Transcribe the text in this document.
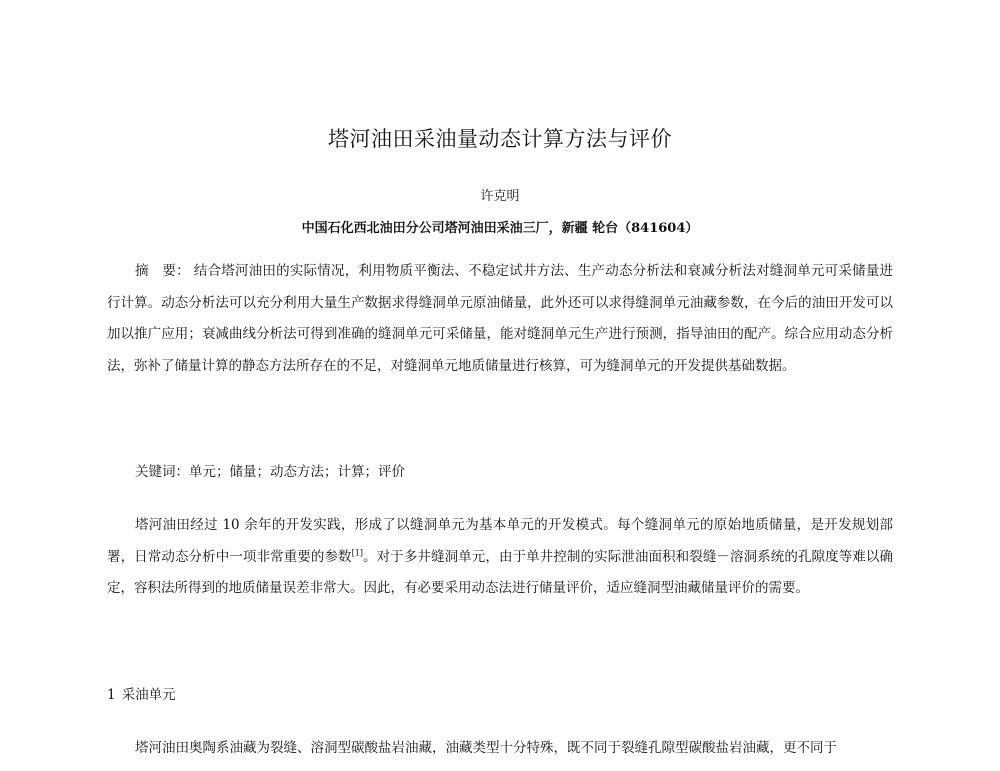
塔河油田采油量动态计算方法与评价
许克明
中国石化西北油田分公司塔河油田采油三厂，新疆 轮台（841604）

摘　要： 结合塔河油田的实际情况，利用物质平衡法、不稳定试井方法、生产动态分析法和衰减分析法对缝洞单元可采储量进行计算。动态分析法可以充分利用大量生产数据求得缝洞单元原油储量，此外还可以求得缝洞单元油藏参数，在今后的油田开发可以加以推广应用；衰减曲线分析法可得到准确的缝洞单元可采储量，能对缝洞单元生产进行预测，指导油田的配产。综合应用动态分析法，弥补了储量计算的静态方法所存在的不足，对缝洞单元地质储量进行核算，可为缝洞单元的开发提供基础数据。

关键词：单元；储量；动态方法；计算；评价

塔河油田经过 10 余年的开发实践，形成了以缝洞单元为基本单元的开发模式。每个缝洞单元的原始地质储量，是开发规划部署，日常动态分析中一项非常重要的参数[1]。对于多井缝洞单元，由于单井控制的实际泄油面积和裂缝－溶洞系统的孔隙度等难以确定，容积法所得到的地质储量误差非常大。因此，有必要采用动态法进行储量评价，适应缝洞型油藏储量评价的需要。

1 采油单元

塔河油田奥陶系油藏为裂缝、溶洞型碳酸盐岩油藏，油藏类型十分特殊，既不同于裂缝孔隙型碳酸盐岩油藏，更不同于
